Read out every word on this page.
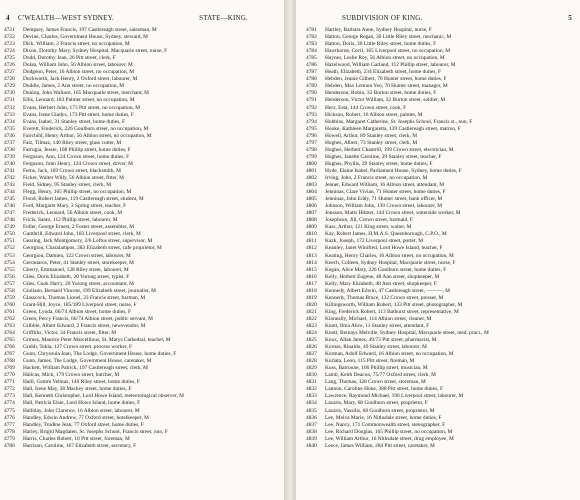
4 C'WEALTH—WEST SYDNEY.	STATE—KING.
4721	Dempsey, James Francis, 197 Castlereagh street, salesman, M
4722	Devine, Charles, Government House, Sydney, steward, M
4723	Dick, William, 2 Francis street, no occupation, M
4724	Dixon, Dorothy Mary, Sydney Hospital, Macquarie street, nurse, F
4725	Dodd, Dorothy Jean, 26 Pitt street, clerk, F
4726	Dolan, William John, 56 Albion street, labourer, M
4727	Dudgeon, Peter, 16 Albion street, no occupation, M
4728	Duckworth, Jack Henry, 2 Oxford street, labourer, M
4729	Duddie, James, 2 Ann street, no occupation, M
4730	Dunlop, John Wallace, 165 Macquarie street, merchant, M
4731	Ellis, Leonard, 183 Palmer street, no occupation, M
4732	Evans, Herbert John, 173 Pitt street, no occupation, M
4733	Evans, Irene Gladys, 173 Pitt street, home duties, F
4734	Evans, Isabel, 31 Stanley street, home duties, F
4735	Everett, Frederick, 226 Goulburn street, no occupation, M
4736	Fairchild, Henry Arthur, 56 Albion street, no occupation, M
4737	Faiz, Tilmaz, 140 Riley street, glass cutter, M
4738	Farrugia, Jessie, 108 Phillip street, home duties, F
4739	Ferguson, Ann, 124 Crown street, home duties, F
4740	Ferguson, John Henry, 124 Crown street, driver, M
4741	Ferns, Jack, 169 Crown street, blacksmith, M
4742	Ficker, Walter Willy, 56 Albion street, fitter, M
4743	Field, Sidney, 95 Stanley street, clerk, M
4744	Flegg, Henry, 165 Phillip street, no occupation, M
4745	Flood, Robert James, 119 Castlereagh street, student, M
4746	Ford, Margaret Mary, 3 Spring street, teacher, F
4747	Frederick, Leonard, 56 Albion street, cook, M
4748	Fricis, Santo, 112 Phillip street, labourer, M
4749	Fuller, George Ernest, 2 Foster street, assembler, M
4750	Gambrill, Edward John, 183 Liverpool street, clerk, M
4751	Gearing, Jack Montgomery, 2/6 Loftus street, supervisor, M
4752	Georgiou, Charalampos, 283 Elizabeth street, cafe proprietor, M
4753	Georgiou, Damien, 122 Crown street, labourer, M
4754	Gerontaros, Peter, 41 Stanley street, storekeeper, M
4755	Gherry, Emmanuel, 128 Riley street, labourer, M
4756	Giles, Doris Elizabeth, 20 Yurong street, typist, F
4757	Giles, Cook Harry, 20 Yurong street, accountant, M
4758	Giuliano, Bernard Vincent, 199 Elizabeth street, journalist, M
4759	Glasscock, Thomas Lionel, 23 Francis street, barman, M
4760	Grant-Hill, Joyce, 185/189 Liverpool street, nurse, F
4761	Green, Lynda, 66/74 Albion street, home duties, F
4762	Green, Percy Francis, 66/74 Albion street, public servant, M
4763	Gribble, Albert Edward, 2 Francis street, newsvendor, M
4764	Griffiths, Victor, 34 Francis street, fitter, M
4765	Grimes, Maurice Peter Marcellinus, St. Marys Cathedral, teacher, M
4766	Grubb, Tekla, 127 Crown street, process worker, F
4767	Gunn, Chrysoula Jean, The Lodge, Government House, home duties, F
4768	Gunn, James, The Lodge, Government House, caretaker, M
4769	Hackett, William Patrick, 197 Castlereagh street, clerk, M
4770	Halicas, Mick, 179 Crown street, butcher, M
4771	Halil, Gemm Yelmaz, 140 Riley street, home duties, F
4772	Hall, Irene May, 38 Mackey street, home duties, F
4773	Hall, Kenneth Christopher, Lord Howe Island, meteorological observer, M
4774	Hall, Patricia Elsie, Lord Howe Island, home duties, F
4775	Halliday, John Clarence, 16 Albion street, labourer, M
4776	Handley, Edwin Andrew, 77 Oxford street, hotelkeeper, M
4777	Handley, Trudine Jean, 77 Oxford street, home duties, F
4778	Harley, Brigid Magdalen, St. Josephs School, Francis street, nun, F
4779	Harris, Charles Robert, 10 Pitt street, foreman, M
4780	Harrison, Caroline, 167 Elizabeth street, secretary, F
SUBDIVISION OF KING.	5
4781	Hartley, Barbara Anne, Sydney Hospital, nurse, F
4782	Hatton, George Regan, 30 Little Riley street, mechanic, M
4783	Hatton, Doris, 30 Little Riley street, home duties, F
4784	Hawthorne, Cecil, 165 Liverpool street, no occupation, M
4785	Haynes, Leslie Roy, 56 Albion street, no occupation, M
4786	Hazelwood, William Garland, 112 Phillip street, labourer, M
4787	Heath, Elizabeth, 234 Elizabeth street, home duties, F
4788	Hebden, Jeanie Gilbert, 70 Hunter street, home duties, F
4789	Hebden, Max Lennon Yeo, 70 Hunter street, manager, M
4790	Henderson, Robin, 32 Burton street, home duties, F
4791	Henderson, Victor William, 32 Burton street, soldier, M
4792	Herz, Esta, 144 Crown street, cook, F
4793	Hickson, Robert, 16 Albion street, painter, M
4794	Hobbins, Margaret Catherine, St. Josephs School, Francis st., nun, F
4795	Hooke, Kathleen Margaretta, 139 Castlereagh street, matron, F
4796	Howell, Arthur, 89 Stanley street, clerk, M
4797	Hughes, Albert, 73 Stanley street, clerk, M
4798	Hughes, Herbert Chantrill, 199 Crown street, electrician, M
4799	Hughes, Janette Caroline, 29 Stanley street, teacher, F
4800	Hughes, Phyllis, 29 Stanley street, home duties, F
4801	Hyde, Elaine Isabel, Parliament House, Sydney, home duties, F
4802	Irving, John, 2 Francis street, no occupation, M
4803	Jenner, Edward William, 16 Albion street, attendant, M
4804	Jenninas, Clare Vivian, 71 Hunter street, home duties, F
4805	Jenninas, John Eddy, 71 Hunter street, bank officer, M
4806	Johnson, William John, 130 Crown street, labourer, M
4807	Jonsson, Matts Hilmer, 144 Crown street, waterside worker, M
4808	Josephson, Jill, Crown street, barmaid, F
4809	Kass, Arthur, 121 King street, waiter, M
4810	Kay, Robert James, H.M.A.S. Queenborough, C.P.O., M
4811	Kazk, Joseph, 172 Liverpool street, porter, M
4812	Keanley, Janet Winifred, Lord Howe Island, teacher, F
4813	Keating, Henry Charles, 16 Albion street, no occupation, M
4814	Keech, Colleen, Sydney Hospital, Macquarie street, nurse, F
4815	Kegan, Alice Mary, 226 Goulburn street, home duties, F
4816	Kelly, Herbert Eugene, 48 Ann street, shopkeeper, M
4817	Kelly, Mary Elizabeth, 48 Ann street, shopkeeper, F
4818	Kennedy, Albert Edwin, 47 Castlereagh street, ———, M
4819	Kennedy, Thomas Bruce, 132 Crown street, presser, M
4820	Killingsworth, William Robert, 133 Pitt street, photographer, M
4821	King, Frederick Robert, 113 Bathurst street, representative, M
4822	Kinneally, Michael, 114 Albion street, cleaner, M
4823	Knott, Ilma Alice, 11 Stanley street, attendant, F
4824	Knott, Bernays Melville, Sydney Hospital, Macquarie street, med. pract., M
4825	Knox, Allan James, 49/73 Pitt street, pharmacist, M
4826	Kornas, Rinaldo, 49 Stanley street, labourer, M
4827	Korman, Adolf Edward, 16 Albion street, no occupation, M
4828	Kuriata, Leon, 115 Pitt street, fireman, M
4829	Kuss, Barroune, 106 Phillip street, musician, M
4830	Lamb, Keith Deacon, 75/77 Oxford street, clerk, M
4831	Lang, Thomas, 128 Crown street, storeman, M
4832	Lannon, Caroline Hone, 388 Pitt street, home duties, F
4833	Lawrence, Raymond Michael, 196 Liverpool street, labourer, M
4834	Lazaris, Mary, 68 Goulburn street, proprietor, F
4835	Lazaris, Vassilis, 68 Goulburn street, proprietor, M
4836	Lee, Melva Marie, 16 Nithsdale street, home duties, F
4837	Lee, Nancy, 171 Commonwealth street, stenographer, F
4838	Lee, Richard Douglas, 165 Phillip street, no occupation, M
4839	Lee, William Arthur, 16 Nithsdale street, drug employee, M
4840	Leece, James William, 284 Pitt street, caretaker, M
